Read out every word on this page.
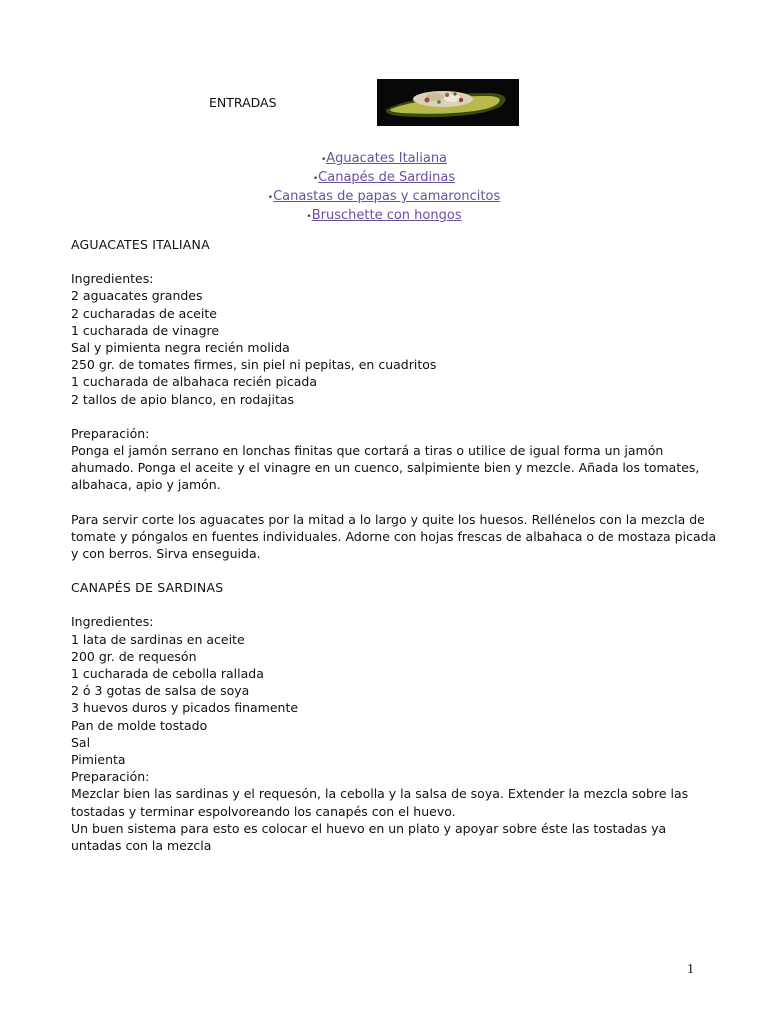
ENTRADAS
•Aguacates Italiana
•Canapés de Sardinas
•Canastas de papas y camaroncitos
•Bruschette con hongos
AGUACATES ITALIANA
Ingredientes:
2 aguacates grandes
2 cucharadas de aceite
1 cucharada de vinagre
Sal y pimienta negra recién molida
250 gr. de tomates firmes, sin piel ni pepitas, en cuadritos
1 cucharada de albahaca recién picada
2 tallos de apio blanco, en rodajitas
Preparación:
Ponga el jamón serrano en lonchas finitas que cortará a tiras o utilice de igual forma un jamón
ahumado. Ponga el aceite y el vinagre en un cuenco, salpimiente bien y mezcle. Añada los tomates,
albahaca, apio y jamón.
Para servir corte los aguacates por la mitad a lo largo y quite los huesos. Rellénelos con la mezcla de
tomate y póngalos en fuentes individuales. Adorne con hojas frescas de albahaca o de mostaza picada
y con berros. Sirva enseguida.
CANAPÉS DE SARDINAS
Ingredientes:
1 lata de sardinas en aceite
200 gr. de requesón
1 cucharada de cebolla rallada
2 ó 3 gotas de salsa de soya
3 huevos duros y picados finamente
Pan de molde tostado
Sal
Pimienta
Preparación:
Mezclar bien las sardinas y el requesón, la cebolla y la salsa de soya. Extender la mezcla sobre las
tostadas y terminar espolvoreando los canapés con el huevo.
Un buen sistema para esto es colocar el huevo en un plato y apoyar sobre éste las tostadas ya
untadas con la mezcla
1
